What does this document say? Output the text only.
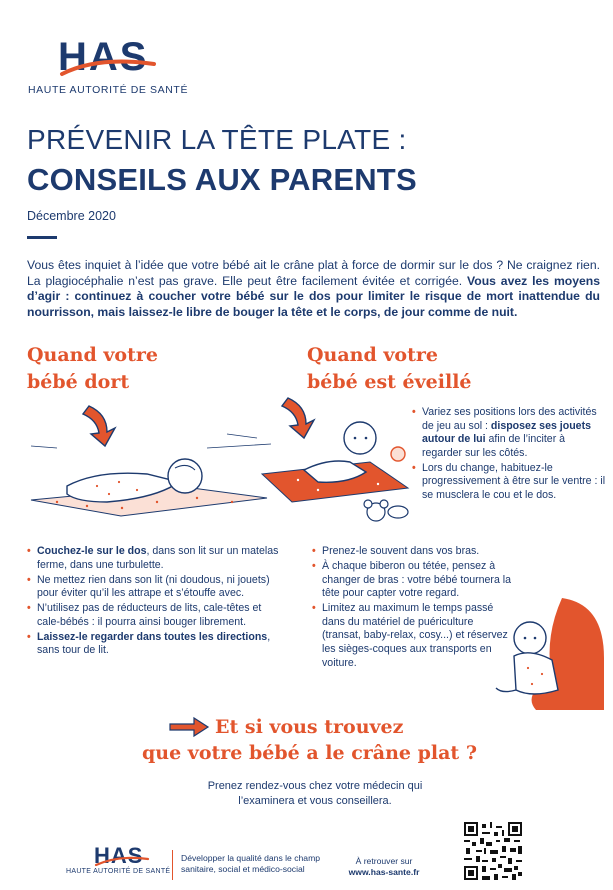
HAS
HAUTE AUTORITÉ DE SANTÉ
PRÉVENIR LA TÊTE PLATE :
CONSEILS AUX PARENTS
Décembre 2020
Vous êtes inquiet à l’idée que votre bébé ait le crâne plat à force de dormir sur le dos ? Ne craignez rien. La plagiocéphalie n’est pas grave. Elle peut être facilement évitée et corrigée. Vous avez les moyens d’agir : continuez à coucher votre bébé sur le dos pour limiter le risque de mort inattendue du nourrisson, mais laissez-le libre de bouger la tête et le corps, de jour comme de nuit.
Quand votre
bébé dort
Quand votre
bébé est éveillé
• Couchez-le sur le dos, dans son lit sur un matelas ferme, dans une turbulette.
• Ne mettez rien dans son lit (ni doudous, ni jouets) pour éviter qu’il les attrape et s’étouffe avec.
• N’utilisez pas de réducteurs de lits, cale-têtes et cale-bébés : il pourra ainsi bouger librement.
• Laissez-le regarder dans toutes les directions, sans tour de lit.
• Variez ses positions lors des activités de jeu au sol : disposez ses jouets autour de lui afin de l’inciter à regarder sur les côtés.
• Lors du change, habituez-le progressivement à être sur le ventre : il se musclera le cou et le dos.
• Prenez-le souvent dans vos bras.
• À chaque biberon ou tétée, pensez à changer de bras : votre bébé tournera la tête pour capter votre regard.
• Limitez au maximum le temps passé dans du matériel de puériculture (transat, baby-relax, cosy...) et réservez les sièges-coques aux transports en voiture.
Et si vous trouvez
que votre bébé a le crâne plat ?
Prenez rendez-vous chez votre médecin qui l’examinera et vous conseillera.
HAS
HAUTE AUTORITÉ DE SANTÉ
Développer la qualité dans le champ sanitaire, social et médico-social
À retrouver sur
www.has-sante.fr
